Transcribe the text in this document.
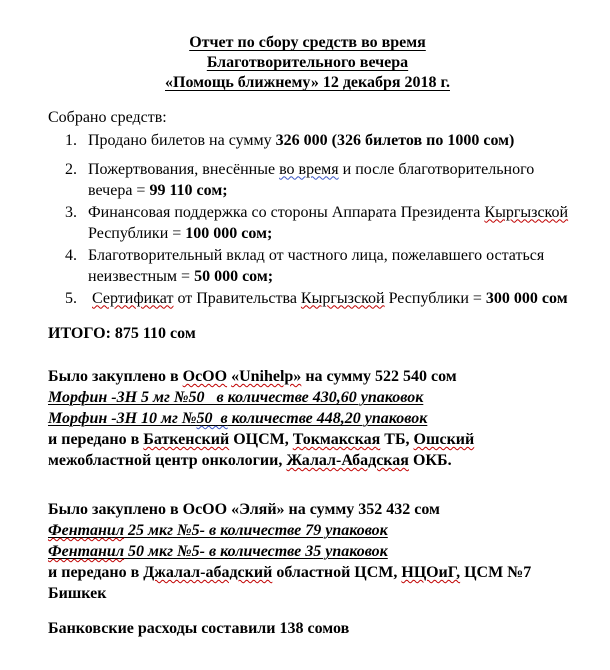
Отчет по сбору средств во время
Благотворительного вечера
«Помощь ближнему» 12 декабря 2018 г.

Собрано средств:

1. Продано билетов на сумму 326 000 (326 билетов по 1000 сом)
2. Пожертвования, внесённые во время и после благотворительного
вечера = 99 110 сом;
3. Финансовая поддержка со стороны Аппарата Президента Кыргызской
Республики = 100 000 сом;
4. Благотворительный вклад от частного лица, пожелавшего остаться
неизвестным = 50 000 сом;
5. Сертификат от Правительства Кыргызской Республики = 300 000 сом

ИТОГО: 875 110 сом

Было закуплено в ОсОО «Unihelp» на сумму 522 540 сом
Морфин -3Н 5 мг №50   в количестве 430,60 упаковок
Морфин -3Н 10 мг №50  в количестве 448,20 упаковок
и передано в Баткенский ОЦСМ, Токмакская ТБ, Ошский
межобластной центр онкологии, Жалал-Абадская ОКБ.
Было закуплено в ОсОО «Эляй» на сумму 352 432 сом
Фентанил 25 мкг №5- в количестве 79 упаковок
Фентанил 50 мкг №5- в количестве 35 упаковок
и передано в Джалал-абадский областной ЦСМ, НЦОиГ, ЦСМ №7
Бишкек

Банковские расходы составили 138 сомов
